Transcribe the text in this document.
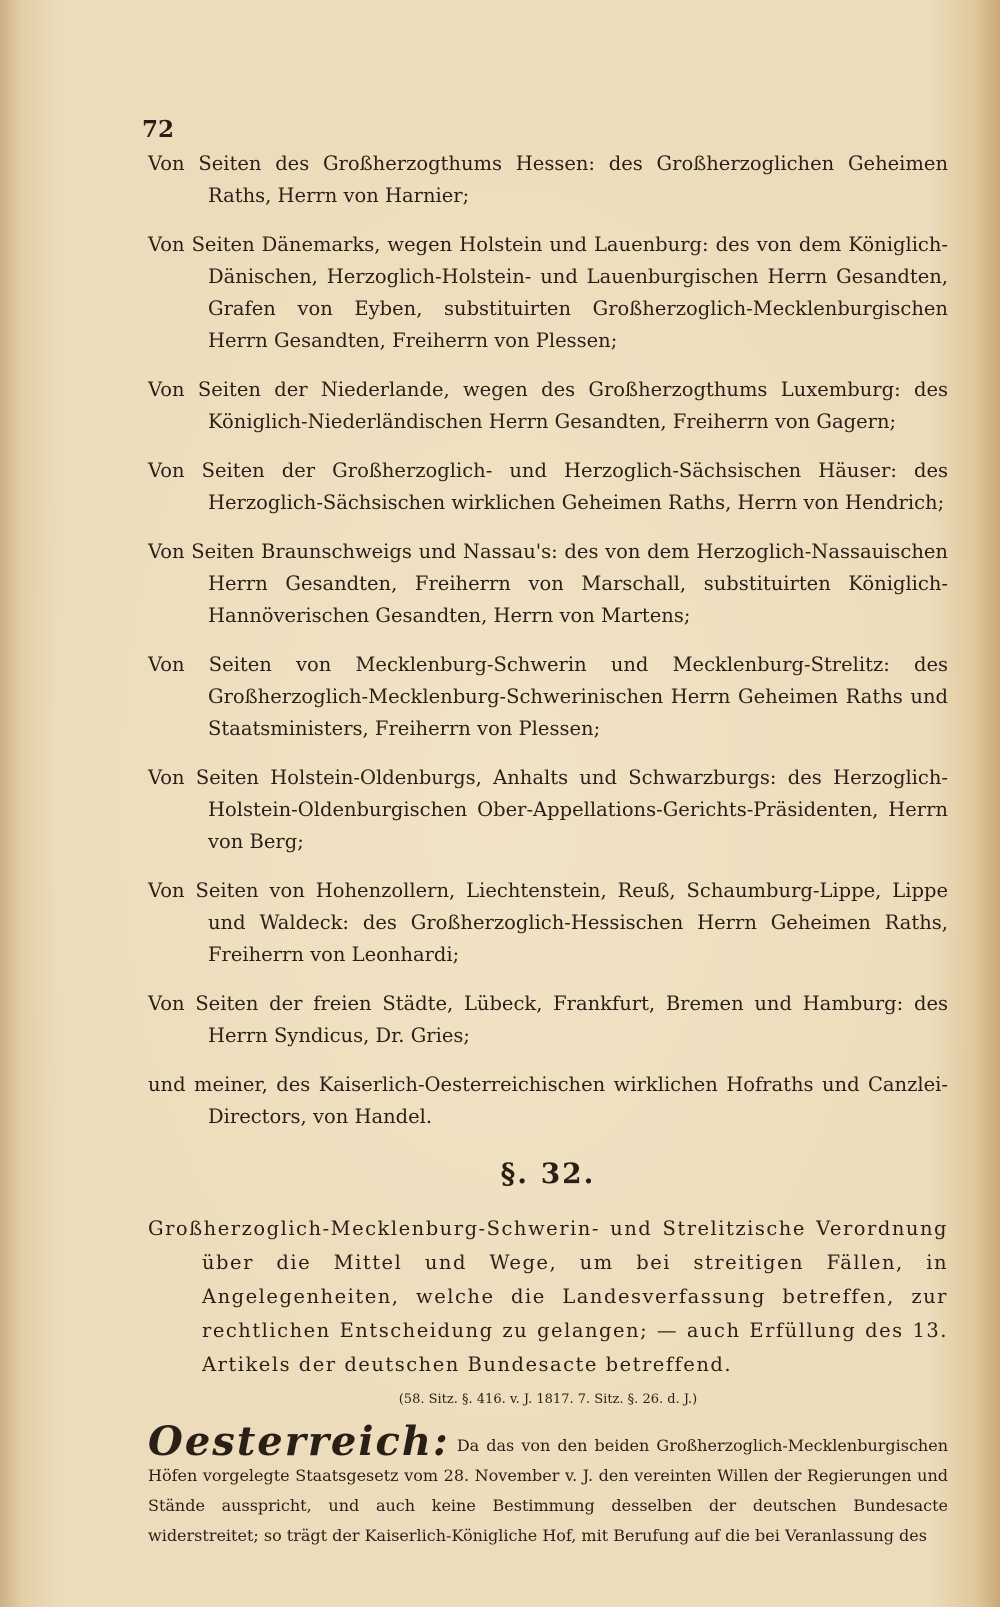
72

Von Seiten des Großherzogthums Hessen: des Großherzoglichen Geheimen Raths, Herrn von Harnier;

Von Seiten Dänemarks, wegen Holstein und Lauenburg: des von dem Königlich-Dänischen, Herzoglich-Holstein- und Lauenburgischen Herrn Gesandten, Grafen von Eyben, substituirten Großherzoglich-Mecklenburgischen Herrn Gesandten, Freiherrn von Plessen;

Von Seiten der Niederlande, wegen des Großherzogthums Luxemburg: des Königlich-Niederländischen Herrn Gesandten, Freiherrn von Gagern;

Von Seiten der Großherzoglich- und Herzoglich-Sächsischen Häuser: des Herzoglich-Sächsischen wirklichen Geheimen Raths, Herrn von Hendrich;

Von Seiten Braunschweigs und Nassau's: des von dem Herzoglich-Nassauischen Herrn Gesandten, Freiherrn von Marschall, substituirten Königlich-Hannöverischen Gesandten, Herrn von Martens;

Von Seiten von Mecklenburg-Schwerin und Mecklenburg-Strelitz: des Großherzoglich-Mecklenburg-Schwerinischen Herrn Geheimen Raths und Staatsministers, Freiherrn von Plessen;

Von Seiten Holstein-Oldenburgs, Anhalts und Schwarzburgs: des Herzoglich-Holstein-Oldenburgischen Ober-Appellations-Gerichts-Präsidenten, Herrn von Berg;

Von Seiten von Hohenzollern, Liechtenstein, Reuß, Schaumburg-Lippe, Lippe und Waldeck: des Großherzoglich-Hessischen Herrn Geheimen Raths, Freiherrn von Leonhardi;

Von Seiten der freien Städte, Lübeck, Frankfurt, Bremen und Hamburg: des Herrn Syndicus, Dr. Gries;

und meiner, des Kaiserlich-Oesterreichischen wirklichen Hofraths und Canzlei-Directors, von Handel.

§. 32.
Großherzoglich-Mecklenburg-Schwerin- und Strelitzische Verordnung über die Mittel und Wege, um bei streitigen Fällen, in Angelegenheiten, welche die Landesverfassung betreffen, zur rechtlichen Entscheidung zu gelangen; — auch Erfüllung des 13. Artikels der deutschen Bundesacte betreffend.
(58. Sitz. §. 416. v. J. 1817. 7. Sitz. §. 26. d. J.)
Oesterreich: Da das von den beiden Großherzoglich-Mecklenburgischen Höfen vorgelegte Staatsgesetz vom 28. November v. J. den vereinten Willen der Regierungen und Stände ausspricht, und auch keine Bestimmung desselben der deutschen Bundesacte widerstreitet; so trägt der Kaiserlich-Königliche Hof, mit Berufung auf die bei Veranlassung des
